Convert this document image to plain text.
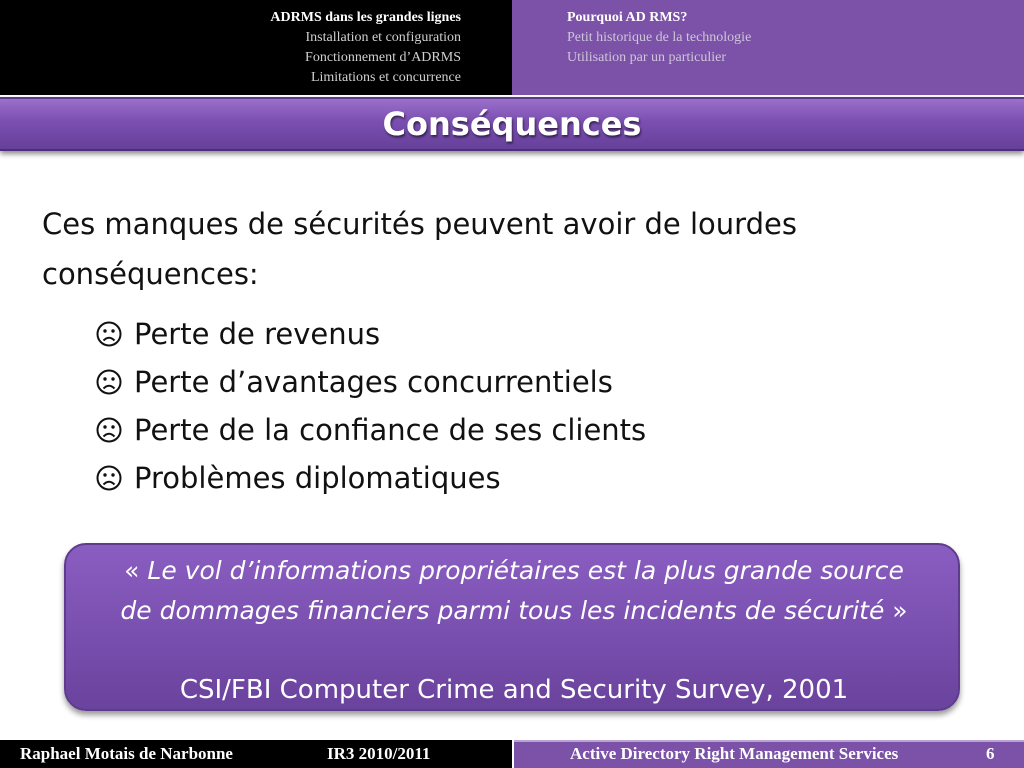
ADRMS dans les grandes lignes
Installation et configuration
Fonctionnement d’ADRMS
Limitations et concurrence
Pourquoi AD RMS?
Petit historique de la technologie
Utilisation par un particulier
Conséquences
Ces manques de sécurités peuvent avoir de lourdes
conséquences:
Perte de revenus
Perte d’avantages concurrentiels
Perte de la confiance de ses clients
Problèmes diplomatiques
« Le vol d’informations propriétaires est la plus grande source
de dommages financiers parmi tous les incidents de sécurité »
CSI/FBI Computer Crime and Security Survey, 2001
Raphael Motais de Narbonne	IR3 2010/2011	Active Directory Right Management Services	6
